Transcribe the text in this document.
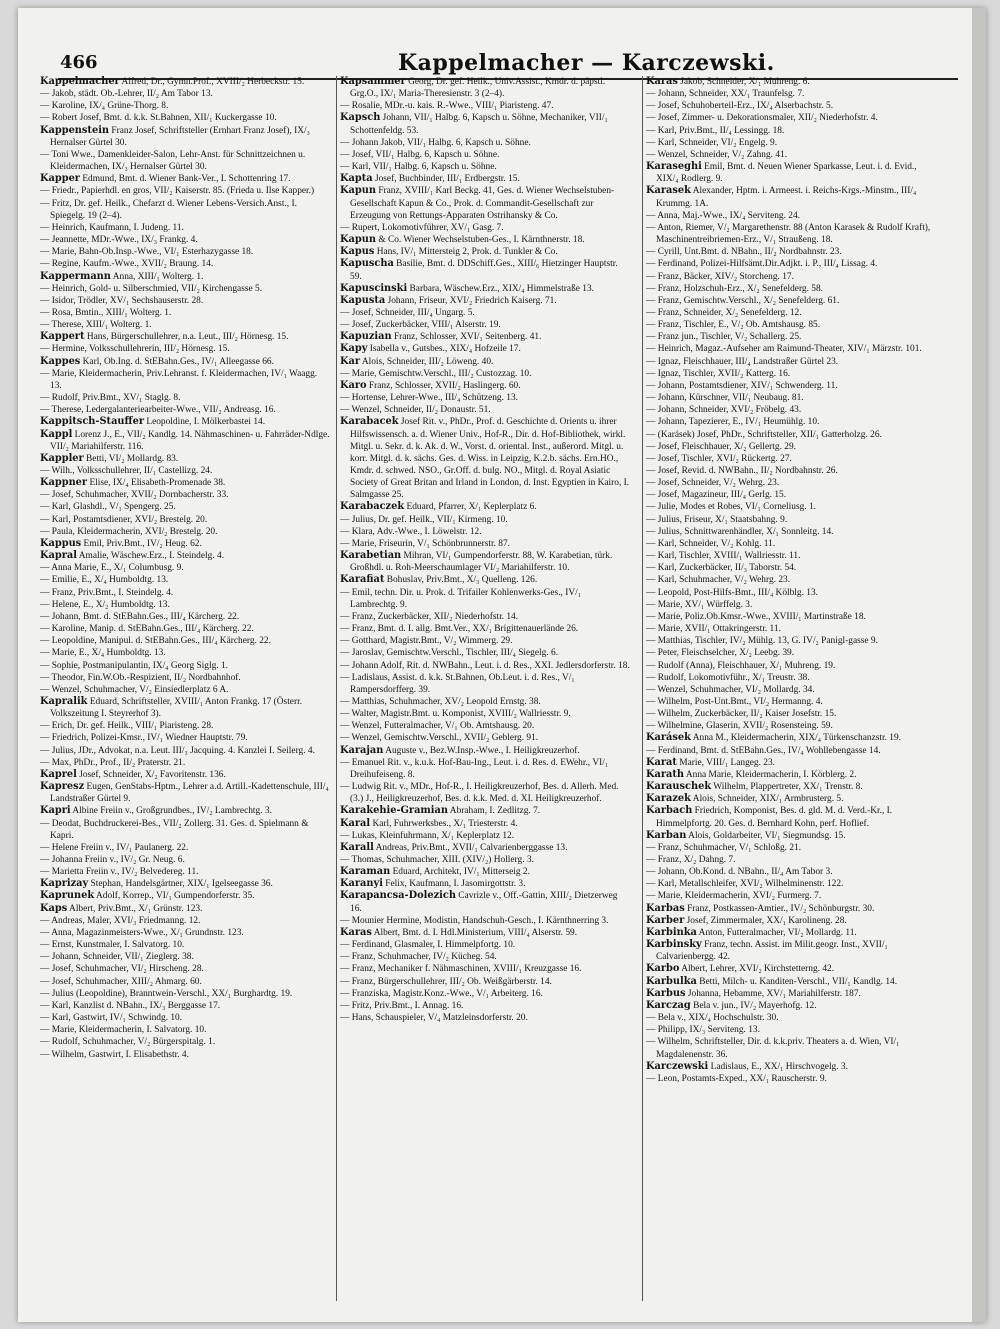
466	Kappelmacher — Karczewski.
Kappelmacher Alfred, Dr., Gymn.Prof., XVIII/₂ Herbeckstr. 15.
— Jakob, städt. Ob.-Lehrer, II/₂ Am Tabor 13.
— Karoline, IX/₄ Grüne-Thorg. 8.
— Robert Josef, Bmt. d. k.k. St.Bahnen, XII/₁ Kuckergasse 10.
Kappenstein Franz Josef, Schriftsteller (Ernhart Franz Josef), IX/₃ Hernalser Gürtel 30.
— Toni Wwe., Damenkleider-Salon, Lehr-Anst. für Schnittzeichnen u. Kleidermachen, IX/₃ Hernalser Gürtel 30.
Kapper Edmund, Bmt. d. Wiener Bank-Ver., I. Schottenring 17.
— Friedr., Papierhdl. en gros, VII/₂ Kaiserstr. 85. (Frieda u. Ilse Kapper.)
— Fritz, Dr. gef. Heilk., Chefarzt d. Wiener Lebens-Versich.Anst., I. Spiegelg. 19 (2–4).
— Heinrich, Kaufmann, I. Judeng. 11.
— Jeannette, MDr.-Wwe., IX/₃ Frankg. 4.
— Marie, Bahn-Ob.Insp.-Wwe., VI/₁ Esterhazygasse 18.
— Regine, Kaufm.-Wwe., XVII/₂ Braung. 14.
Kappermann Anna, XIII/₁ Wolterg. 1.
— Heinrich, Gold- u. Silberschmied, VII/₂ Kirchengasse 5.
— Isidor, Trödler, XV/₁ Sechshauserstr. 28.
— Rosa, Bmtin., XIII/₁ Wolterg. 1.
— Therese, XIII/₁ Wolterg. 1.
Kappert Hans, Bürgerschullehrer, n.a. Leut., III/₂ Hörnesg. 15.
— Hermine, Volksschullehrerin, III/₂ Hörnesg. 15.
Kappes Karl, Ob.Ing. d. StEBahn.Ges., IV/₁ Alleegasse 66.
— Marie, Kleidermacherin, Priv.Lehranst. f. Kleidermachen, IV/₁ Waagg. 13.
— Rudolf, Priv.Bmt., XV/₁ Staglg. 8.
— Therese, Ledergalanteriearbeiter-Wwe., VII/₂ Andreasg. 16.
Kappitsch-Stauffer Leopoldine, I. Mölkerbastei 14.
Kappl Lorenz J., E., VII/₂ Kandlg. 14. Nähmaschinen- u. Fahrräder-Ndlge. VII/₂ Mariahilferstr. 116.
Kappler Betti, VI/₂ Mollardg. 83.
— Wilh., Volksschullehrer, II/₁ Castellizg. 24.
Kappner Elise, IX/₄ Elisabeth-Promenade 38.
— Josef, Schuhmacher, XVII/₂ Dornbacherstr. 33.
— Karl, Glashdl., V/₁ Spengerg. 25.
— Karl, Postamtsdiener, XVI/₂ Brestelg. 20.
— Paula, Kleidermacherin, XVI/₂ Brestelg. 20.
Kappus Emil, Priv.Bmt., IV/₂ Heug. 62.
Kapral Amalie, Wäschew.Erz., I. Steindelg. 4.
— Anna Marie, E., X/₁ Columbusg. 9.
— Emilie, E., X/₄ Humboldtg. 13.
— Franz, Priv.Bmt., I. Steindelg. 4.
— Helene, E., X/₂ Humboldtg. 13.
— Johann, Bmt. d. StEBahn.Ges., III/₄ Kärcherg. 22.
— Karoline, Manip. d. StEBahn.Ges., III/₄ Kärcherg. 22.
— Leopoldine, Manipul. d. StEBahn.Ges., III/₄ Kärcherg. 22.
— Marie, E., X/₄ Humboldtg. 13.
— Sophie, Postmanipulantin, IX/₄ Georg Siglg. 1.
— Theodor, Fin.W.Ob.-Respizient, II/₂ Nordbahnhof.
— Wenzel, Schuhmacher, V/₂ Einsiedlerplatz 6 A.
Kapralik Eduard, Schriftsteller, XVIII/₁ Anton Frankg. 17 (Österr. Volkszeitung I. Steyrerhof 3).
— Erich, Dr. gef. Heilk., VIII/₁ Piaristeng. 28.
— Friedrich, Polizei-Kmsr., IV/₁ Wiedner Hauptstr. 79.
— Julius, JDr., Advokat, n.a. Leut. III/₃ Jacquing. 4. Kanzlei I. Seilerg. 4.
— Max, PhDr., Prof., II/₂ Praterstr. 21.
Kaprel Josef, Schneider, X/₂ Favoritenstr. 136.
Kapresz Eugen, GenStabs-Hptm., Lehrer a.d. Artill.-Kadettenschule, III/₄ Landstraßer Gürtel 9.
Kapri Albine Freiin v., Großgrundbes., IV/₂ Lambrechtg. 3.
— Deodat, Buchdruckerei-Bes., VII/₂ Zollerg. 31. Ges. d. Spielmann & Kapri.
— Helene Freiin v., IV/₁ Paulanerg. 22.
— Johanna Freiin v., IV/₂ Gr. Neug. 6.
— Marietta Freiin v., IV/₂ Belvedereg. 11.
Kaprizay Stephan, Handelsgärtner, XIX/₁ Igelseegasse 36.
Kaprunek Adolf, Korrep., VI/₁ Gumpendorferstr. 35.
Kaps Albert, Priv.Bmt., X/₁ Grünstr. 123.
— Andreas, Maler, XVI/₃ Friedmanng. 12.
— Anna, Magazinmeisters-Wwe., X/₁ Grundnstr. 123.
— Ernst, Kunstmaler, I. Salvatorg. 10.
— Johann, Schneider, VII/₁ Zieglerg. 38.
— Josef, Schuhmacher, VI/₂ Hirscheng. 28.
— Josef, Schuhmacher, XIII/₂ Ahmarg. 60.
— Julius (Leopoldine), Branntwein-Verschl., XX/₁ Burghardtg. 19.
— Karl, Kanzlist d. NBahn., IX/₃ Berggasse 17.
— Karl, Gastwirt, IV/₁ Schwindg. 10.
— Marie, Kleidermacherin, I. Salvatorg. 10.
— Rudolf, Schuhmacher, V/₂ Bürgerspitalg. 1.
— Wilhelm, Gastwirt, I. Elisabethstr. 4.
Kapsammer Georg, Dr. gef. Heilk., Univ.Assist., Kmdr. d. päpstl. Grg.O., IX/₁ Maria-Theresienstr. 3 (2–4).
— Rosalie, MDr.-u. kais. R.-Wwe., VIII/₁ Piaristeng. 47.
Kapsch Johann, VII/₁ Halbg. 6, Kapsch u. Söhne, Mechaniker, VII/₁ Schottenfeldg. 53.
— Johann Jakob, VII/₁ Halbg. 6, Kapsch u. Söhne.
— Josef, VII/₁ Halbg. 6, Kapsch u. Söhne.
— Karl, VII/₁ Halbg. 6, Kapsch u. Söhne.
Kapta Josef, Buchbinder, III/₁ Erdbergstr. 15.
Kapun Franz, XVIII/₁ Karl Beckg. 41, Ges. d. Wiener Wechselstuben-Gesellschaft Kapun & Co., Prok. d. Commandit-Gesellschaft zur Erzeugung von Rettungs-Apparaten Ostrihansky & Co.
— Rupert, Lokomotivführer, XV/₁ Gasg. 7.
Kapun & Co. Wiener Wechselstuben-Ges., I. Kärnthnerstr. 18.
Kapus Hans, IV/₁ Mittersteig 2, Prok. d. Tunkler & Co.
Kapuscha Basilie, Bmt. d. DDSchiff.Ges., XIII/₆ Hietzinger Hauptstr. 59.
Kapuscinski Barbara, Wäschew.Erz., XIX/₄ Himmelstraße 13.
Kapusta Johann, Friseur, XVI/₂ Friedrich Kaiserg. 71.
— Josef, Schneider, III/₄ Ungarg. 5.
— Josef, Zuckerbäcker, VIII/₁ Alserstr. 19.
Kapuzian Franz, Schlosser, XVI/₁ Seitenberg. 41.
Kapy Isabella v., Gutsbes., XIX/₄ Hofzeile 17.
Kar Alois, Schneider, III/₂ Löweng. 40.
— Marie, Gemischtw.Verschl., III/₂ Custozzag. 10.
Karo Franz, Schlosser, XVII/₂ Haslingerg. 60.
— Hortense, Lehrer-Wwe., III/₄ Schützeng. 13.
— Wenzel, Schneider, II/₂ Donaustr. 51.
Karabacek Josef Rit. v., PhDr., Prof. d. Geschichte d. Orients u. ihrer Hilfswissensch. a. d. Wiener Univ., Hof-R., Dir. d. Hof-Bibliothek, wirkl. Mitgl. u. Sekr. d. k. Ak. d. W., Vorst. d. oriental. Inst., außerord. Mitgl. u. korr. Mitgl. d. k. sächs. Ges. d. Wiss. in Leipzig, K.2.b. sächs. Ern.HO., Kmdr. d. schwed. NSO., Gr.Off. d. bulg. NO., Mitgl. d. Royal Asiatic Society of Great Britan and Irland in London, d. Inst. Egyptien in Kairo, I. Salmgasse 25.
Karabaczek Eduard, Pfarrer, X/₁ Keplerplatz 6.
— Julius, Dr. gef. Heilk., VII/₁ Kirmeng. 10.
— Klara, Adv.-Wwe., I. Löwelstr. 12.
— Marie, Friseurin, V/₁ Schönbrunnerstr. 87.
Karabetian Mihran, VI/₁ Gumpendorferstr. 88, W. Karabetian, türk. Großhdl. u. Roh-Meerschaumlager VI/₂ Mariahilferstr. 10.
Karafiat Bohuslav, Priv.Bmt., X/₃ Quelleng. 126.
— Emil, techn. Dir. u. Prok. d. Trifailer Kohlenwerks-Ges., IV/₁ Lambrechtg. 9.
— Franz, Zuckerbäcker, XII/₂ Niederhofstr. 14.
— Franz, Bmt. d. I. allg. Bmt.Ver., XX/₁ Brigittenauerlände 26.
— Gotthard, Magistr.Bmt., V/₂ Wimmerg. 29.
— Jaroslav, Gemischtw.Verschl., Tischler, III/₄ Siegelg. 6.
— Johann Adolf, Rit. d. NWBahn., Leut. i. d. Res., XXI. Jedlersdorferstr. 18.
— Ladislaus, Assist. d. k.k. St.Bahnen, Ob.Leut. i. d. Res., V/₁ Rampersdorfferg. 39.
— Matthias, Schuhmacher, XV/₂ Leopold Ernstg. 38.
— Walter, Magistr.Bmt. u. Komponist, XVIII/₂ Wallriesstr. 9.
— Wenzel, Futteralmacher, V/₁ Ob. Amtshausg. 20.
— Wenzel, Gemischtw.Verschl., XVII/₂ Geblerg. 91.
Karajan Auguste v., Bez.W.Insp.-Wwe., I. Heiligkreuzerhof.
— Emanuel Rit. v., k.u.k. Hof-Bau-Ing., Leut. i. d. Res. d. EWehr., VI/₁ Dreihufeiseng. 8.
— Ludwig Rit. v., MDr., Hof-R., I. Heiligkreuzerhof, Bes. d. Allerh. Med. (3.) J., Heiligkreuzerhof, Bes. d. k.k. Med. d. XI. Heiligkreuzerhof.
Karakehie-Gramian Abraham, I. Zedlitzg. 7.
Karal Karl, Fuhrwerksbes., X/₁ Triesterstr. 4.
— Lukas, Kleinfuhrmann, X/₁ Keplerplatz 12.
Karall Andreas, Priv.Bmt., XVII/₁ Calvarienberggasse 13.
— Thomas, Schuhmacher, XIII. (XIV/₂) Hollerg. 3.
Karaman Eduard, Architekt, IV/₁ Mitterseig 2.
Karanyi Felix, Kaufmann, I. Jasomirgottstr. 3.
Karapancsa-Dolezich Cavrizle v., Off.-Gattin, XIII/₂ Dietzerweg 16.
— Mounier Hermine, Modistin, Handschuh-Gesch., I. Kärnthnerring 3.
Karas Albert, Bmt. d. I. Hdl.Ministerium, VIII/₄ Alserstr. 59.
— Ferdinand, Glasmaler, I. Himmelpfortg. 10.
— Franz, Schuhmacher, IV/₂ Kücheg. 54.
— Franz, Mechaniker f. Nähmaschinen, XVIII/₁ Kreuzgasse 16.
— Franz, Bürgerschullehrer, III/₂ Ob. Weißgärberstr. 14.
— Franziska, Magistr.Konz.-Wwe., V/₁ Arbeiterg. 16.
— Fritz, Priv.Bmt., I. Annag. 16.
— Hans, Schauspieler, V/₄ Matzleinsdorferstr. 20.
Karas Jakob, Schneider, X/₁ Muhreng. 6.
— Johann, Schneider, XX/₁ Traunfelsg. 7.
— Josef, Schuhoberteil-Erz., IX/₄ Alserbachstr. 5.
— Josef, Zimmer- u. Dekorationsmaler, XII/₂ Niederhofstr. 4.
— Karl, Priv.Bmt., II/₄ Lessingg. 18.
— Karl, Schneider, VI/₂ Engelg. 9.
— Wenzel, Schneider, V/₂ Zahng. 41.
Karaseghi Emil, Bmt. d. Neuen Wiener Sparkasse, Leut. i. d. Evid., XIX/₄ Rodlerg. 9.
Karasek Alexander, Hptm. i. Armeest. i. Reichs-Krgs.-Minstm., III/₄ Krummg. 1A.
— Anna, Maj.-Wwe., IX/₄ Serviteng. 24.
— Anton, Riemer, V/₂ Margarethenstr. 88 (Anton Karasek & Rudolf Kraft), Maschinentreibriemen-Erz., V/₁ Straußeng. 18.
— Cyrill, Unt.Bmt. d. NBahn., II/₂ Nordbahnstr. 23.
— Ferdinand, Polizei-Hilfsämt.Dir.Adjkt. i. P., III/₄ Lissag. 4.
— Franz, Bäcker, XIV/₂ Storcheng. 17.
— Franz, Holzschuh-Erz., X/₂ Senefelderg. 58.
— Franz, Gemischtw.Verschl., X/₂ Senefelderg. 61.
— Franz, Schneider, X/₂ Senefelderg. 12.
— Franz, Tischler, E., V/₂ Ob. Amtshausg. 85.
— Franz jun., Tischler, V/₂ Schallerg. 25.
— Heinrich, Magaz.-Aufseher am Raimund-Theater, XIV/₁ Märzstr. 101.
— Ignaz, Fleischhauer, III/₄ Landstraßer Gürtel 23.
— Ignaz, Tischler, XVII/₂ Katterg. 16.
— Johann, Postamtsdiener, XIV/₁ Schwenderg. 11.
— Johann, Kürschner, VII/₁ Neubaug. 81.
— Johann, Schneider, XVI/₂ Fröbelg. 43.
— Johann, Tapezierer, E., IV/₁ Heumühlg. 10.
— (Karásek) Josef, PhDr., Schriftsteller, XII/₁ Gatterholzg. 26.
— Josef, Fleischhauer, X/₂ Gellertg. 29.
— Josef, Tischler, XVI/₂ Rückertg. 27.
— Josef, Revid. d. NWBahn., II/₂ Nordbahnstr. 26.
— Josef, Schneider, V/₂ Wehrg. 23.
— Josef, Magazineur, III/₄ Gerlg. 15.
— Julie, Modes et Robes, VI/₁ Corneliusg. 1.
— Julius, Friseur, X/₁ Staatsbahng. 9.
— Julius, Schnittwarenhändler, X/₁ Sonnleitg. 14.
— Karl, Schneider, V/₂ Kohlg. 11.
— Karl, Tischler, XVIII/₁ Wallriesstr. 11.
— Karl, Zuckerbäcker, II/₃ Taborstr. 54.
— Karl, Schuhmacher, V/₂ Wehrg. 23.
— Leopold, Post-Hilfs-Bmt., III/₄ Kölblg. 13.
— Marie, XV/₁ Würffelg. 3.
— Marie, Poliz.Ob.Kmsr.-Wwe., XVIII/₁ Martinstraße 18.
— Marie, XVII/₁ Ottakringerstr. 11.
— Matthias, Tischler, IV/₂ Mühlg. 13, G. IV/₂ Panigl-gasse 9.
— Peter, Fleischselcher, X/₂ Leebg. 39.
— Rudolf (Anna), Fleischhauer, X/₁ Muhreng. 19.
— Rudolf, Lokomotivführ., X/₁ Treustr. 38.
— Wenzel, Schuhmacher, VI/₂ Mollardg. 34.
— Wilhelm, Post-Unt.Bmt., VI/₂ Hermanng. 4.
— Wilhelm, Zuckerbäcker, II/₂ Kaiser Josefstr. 15.
— Wilhelmine, Glaserin, XVII/₂ Rosensteing. 59.
Karásek Anna M., Kleidermacherin, XIX/₄ Türkenschanzstr. 19.
— Ferdinand, Bmt. d. StEBahn.Ges., IV/₄ Wohllebengasse 14.
Karat Marie, VIII/₁ Langeg. 23.
Karath Anna Marie, Kleidermacherin, I. Körblerg. 2.
Karauschek Wilhelm, Plappertreter, XX/₁ Trenstr. 8.
Karazek Alois, Schneider, XIX/₁ Armbrusterg. 5.
Karbach Friedrich, Komponist, Bes. d. gld. M. d. Verd.-Kr., I. Himmelpfortg. 20. Ges. d. Bernhard Kohn, perf. Hoflief.
Karban Alois, Goldarbeiter, VI/₁ Siegmundsg. 15.
— Franz, Schuhmacher, V/₁ Schloßg. 21.
— Franz, X/₂ Dahng. 7.
— Johann, Ob.Kond. d. NBahn., II/₄ Am Tabor 3.
— Karl, Metallschleifer, XVI/₂ Wilhelminenstr. 122.
— Marie, Kleidermacherin, XVI/₂ Furmerg. 7.
Karbas Franz, Postkassen-Amtier., IV/₂ Schönburgstr. 30.
Karber Josef, Zimmermaler, XX/₁ Karolineng. 28.
Karbinka Anton, Futteralmacher, VI/₂ Mollardg. 11.
Karbinsky Franz, techn. Assist. im Milit.geogr. Inst., XVII/₁ Calvarienbergg. 42.
Karbo Albert, Lehrer, XVI/₂ Kirchstetterng. 42.
Karbulka Betti, Milch- u. Kanditen-Verschl., VII/₁ Kandlg. 14.
Karbus Johanna, Hebamme, XV/₁ Mariahilferstr. 187.
Karczag Bela v. jun., IV/₂ Mayerhofg. 12.
— Bela v., XIX/₄ Hochschulstr. 30.
— Philipp, IX/₃ Serviteng. 13.
— Wilhelm, Schriftsteller, Dir. d. k.k.priv. Theaters a. d. Wien, VI/₁ Magdalenenstr. 36.
Karczewski Ladislaus, E., XX/₁ Hirschvogelg. 3.
— Leon, Postamts-Exped., XX/₁ Rauscherstr. 9.
